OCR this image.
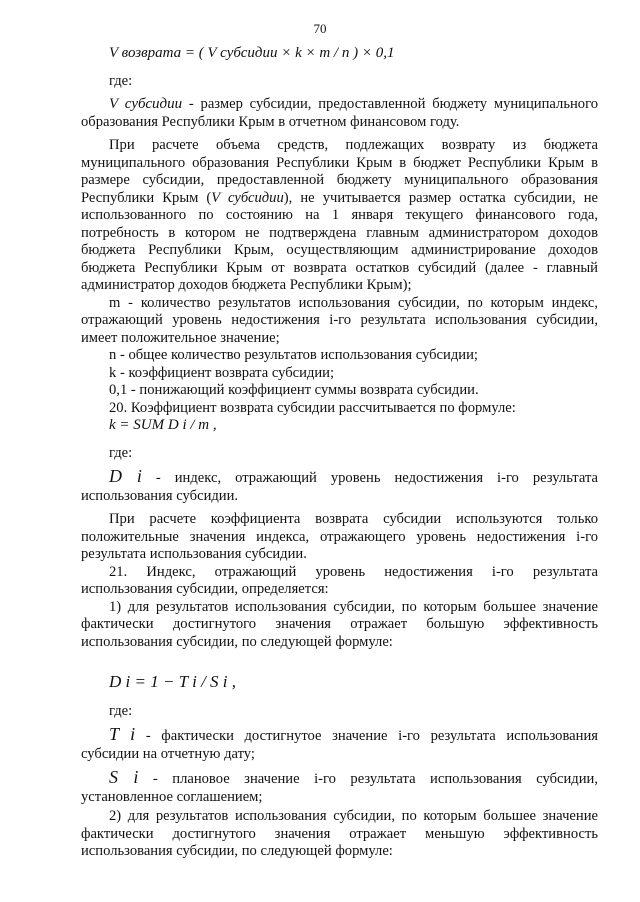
70

V возврата = ( V субсидии × k × m / n ) × 0,1

где:

V субсидии - размер субсидии, предоставленной бюджету муниципального образования Республики Крым в отчетном финансовом году.

При расчете объема средств, подлежащих возврату из бюджета муниципального образования Республики Крым в бюджет Республики Крым в размере субсидии, предоставленной бюджету муниципального образования Республики Крым (V субсидии), не учитывается размер остатка субсидии, не использованного по состоянию на 1 января текущего финансового года, потребность в котором не подтверждена главным администратором доходов бюджета Республики Крым, осуществляющим администрирование доходов бюджета Республики Крым от возврата остатков субсидий (далее - главный администратор доходов бюджета Республики Крым);

m - количество результатов использования субсидии, по которым индекс, отражающий уровень недостижения i-го результата использования субсидии, имеет положительное значение;

n - общее количество результатов использования субсидии;

k - коэффициент возврата субсидии;

0,1 - понижающий коэффициент суммы возврата субсидии.

20. Коэффициент возврата субсидии рассчитывается по формуле:

k = SUM D i / m ,

где:

D i - индекс, отражающий уровень недостижения i-го результата использования субсидии.

При расчете коэффициента возврата субсидии используются только положительные значения индекса, отражающего уровень недостижения i-го результата использования субсидии.

21. Индекс, отражающий уровень недостижения i-го результата использования субсидии, определяется:

1) для результатов использования субсидии, по которым большее значение фактически достигнутого значения отражает большую эффективность использования субсидии, по следующей формуле:

D i = 1 − T i / S i ,

где:

T i - фактически достигнутое значение i-го результата использования субсидии на отчетную дату;

S i - плановое значение i-го результата использования субсидии, установленное соглашением;

2) для результатов использования субсидии, по которым большее значение фактически достигнутого значения отражает меньшую эффективность использования субсидии, по следующей формуле:
